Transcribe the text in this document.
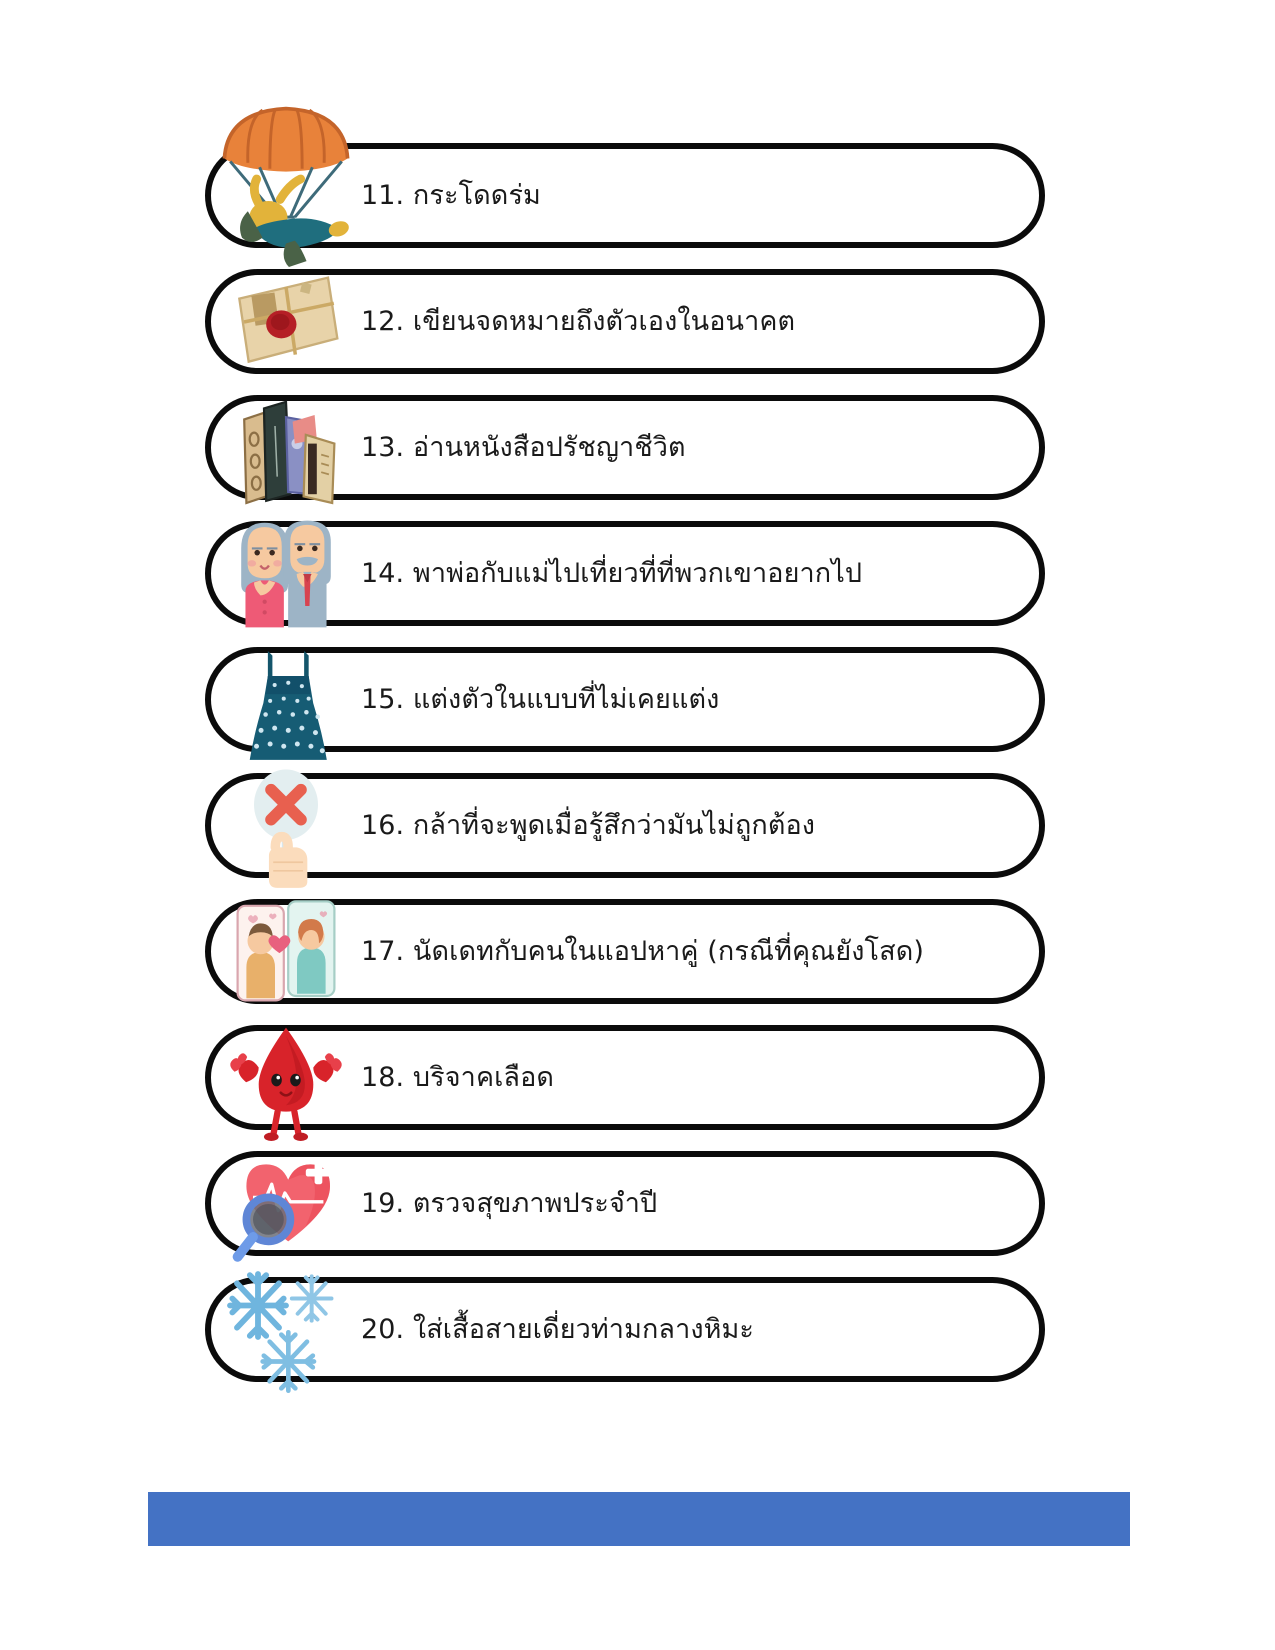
11. กระโดดร่ม
12. เขียนจดหมายถึงตัวเองในอนาคต
13. อ่านหนังสือปรัชญาชีวิต
14. พาพ่อกับแม่ไปเที่ยวที่ที่พวกเขาอยากไป
15. แต่งตัวในแบบที่ไม่เคยแต่ง
16. กล้าที่จะพูดเมื่อรู้สึกว่ามันไม่ถูกต้อง
17. นัดเดทกับคนในแอปหาคู่ (กรณีที่คุณยังโสด)
18. บริจาคเลือด
19. ตรวจสุขภาพประจำปี
20. ใส่เสื้อสายเดี่ยวท่ามกลางหิมะ
